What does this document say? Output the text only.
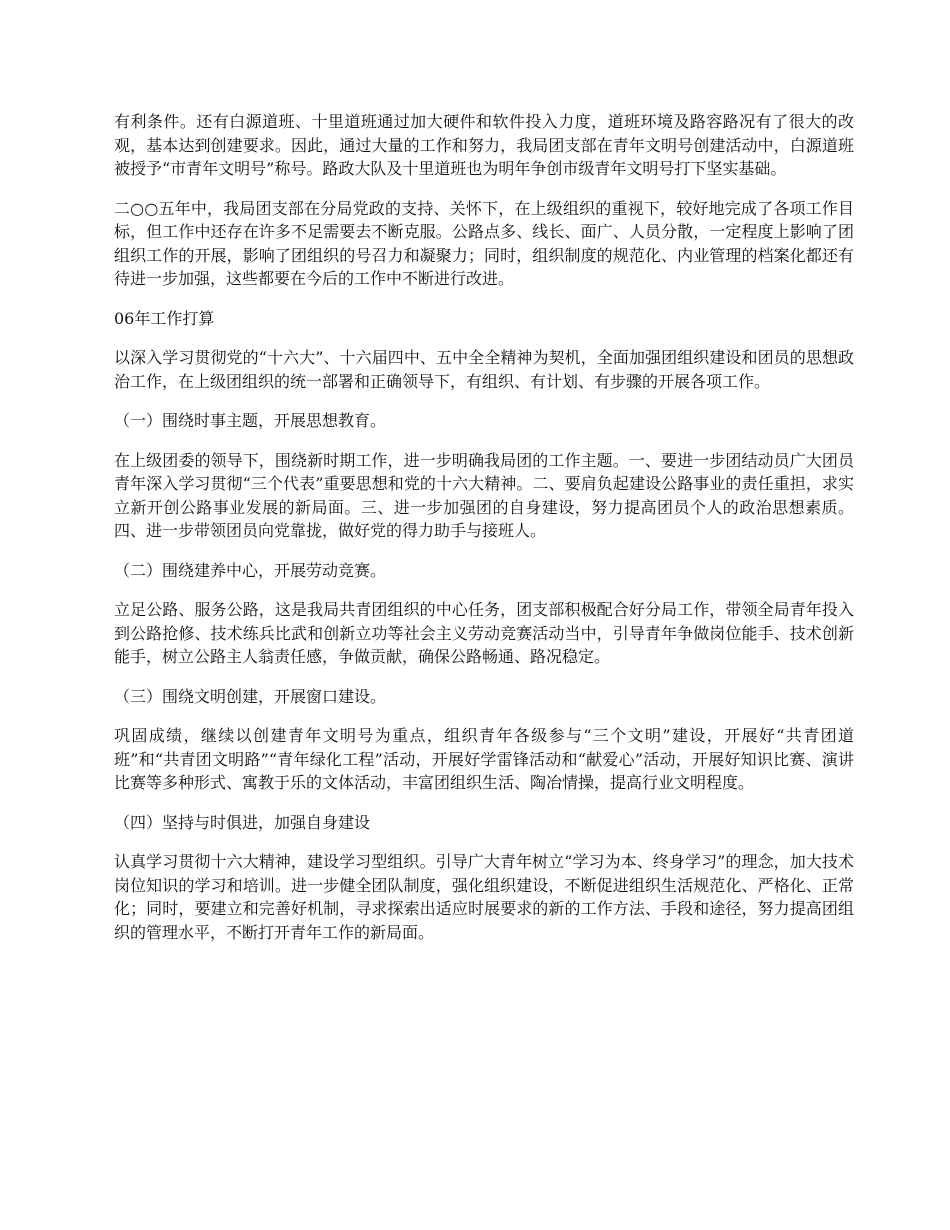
有利条件。还有白源道班、十里道班通过加大硬件和软件投入力度，道班环境及路容路况有了很大的改观，基本达到创建要求。因此，通过大量的工作和努力，我局团支部在青年文明号创建活动中，白源道班被授予“市青年文明号”称号。路政大队及十里道班也为明年争创市级青年文明号打下坚实基础。

二○○五年中，我局团支部在分局党政的支持、关怀下，在上级组织的重视下，较好地完成了各项工作目标，但工作中还存在许多不足需要去不断克服。公路点多、线长、面广、人员分散，一定程度上影响了团组织工作的开展，影响了团组织的号召力和凝聚力；同时，组织制度的规范化、内业管理的档案化都还有待进一步加强，这些都要在今后的工作中不断进行改进。

06年工作打算

以深入学习贯彻党的“十六大”、十六届四中、五中全全精神为契机，全面加强团组织建设和团员的思想政治工作，在上级团组织的统一部署和正确领导下，有组织、有计划、有步骤的开展各项工作。

（一）围绕时事主题，开展思想教育。

在上级团委的领导下，围绕新时期工作，进一步明确我局团的工作主题。一、要进一步团结动员广大团员青年深入学习贯彻“三个代表”重要思想和党的十六大精神。二、要肩负起建设公路事业的责任重担，求实立新开创公路事业发展的新局面。三、进一步加强团的自身建设，努力提高团员个人的政治思想素质。四、进一步带领团员向党靠拢，做好党的得力助手与接班人。

（二）围绕建养中心，开展劳动竞赛。

立足公路、服务公路，这是我局共青团组织的中心任务，团支部积极配合好分局工作，带领全局青年投入到公路抢修、技术练兵比武和创新立功等社会主义劳动竞赛活动当中，引导青年争做岗位能手、技术创新能手，树立公路主人翁责任感，争做贡献，确保公路畅通、路况稳定。

（三）围绕文明创建，开展窗口建设。

巩固成绩，继续以创建青年文明号为重点，组织青年各级参与“三个文明”建设，开展好“共青团道班”和“共青团文明路”“青年绿化工程”活动，开展好学雷锋活动和“献爱心”活动，开展好知识比赛、演讲比赛等多种形式、寓教于乐的文体活动，丰富团组织生活、陶冶情操，提高行业文明程度。

（四）坚持与时俱进，加强自身建设

认真学习贯彻十六大精神，建设学习型组织。引导广大青年树立“学习为本、终身学习”的理念，加大技术岗位知识的学习和培训。进一步健全团队制度，强化组织建设，不断促进组织生活规范化、严格化、正常化；同时，要建立和完善好机制，寻求探索出适应时展要求的新的工作方法、手段和途径，努力提高团组织的管理水平，不断打开青年工作的新局面。
